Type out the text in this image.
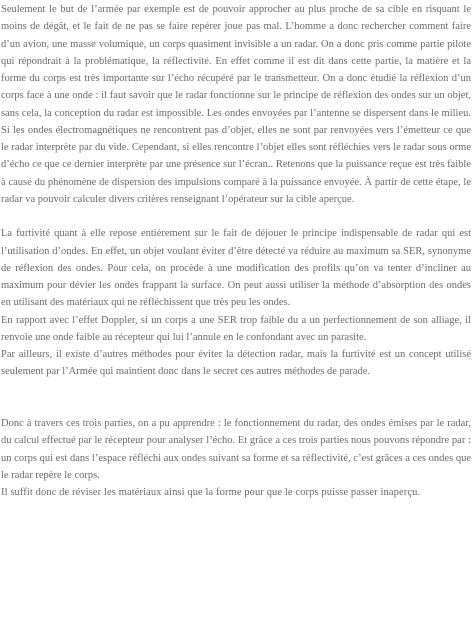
Seulement le but de l’armée par exemple est de pouvoir approcher au plus proche de sa cible en risquant le moins de dégât, et le fait de ne pas se faire repérer joue pas mal. L’homme a donc rechercher comment faire d’un avion, une masse volumique, un corps quasiment invisible a un radar. On a donc pris comme partie pilote qui répondrait à la problématique, la réflectivité. En effet comme il est dit dans cette partie, la matière et la forme du corps est très importante sur l’écho récupéré par le transmetteur. On a donc étudié la réflexion d’un corps face à une onde : il faut savoir que le radar fonctionne sur le principe de réflexion des ondes sur un objet, sans cela, la conception du radar est impossible. Les ondes envoyées par l’antenne se dispersent dans le milieu. Si les ondes électromagnétiques ne rencontrent pas d’objet, elles ne sont par renvoyées vers l’émetteur ce que le radar interprète par du vide. Cependant, si elles rencontre l’objet elles sont réfléchies vers le radar sous orme d’écho ce que ce dernier interprète par une présence sur l’écran.. Retenons que la puissance reçue est très faible à cause du phénomène de dispersion des impulsions comparé à la puissance envoyée. À partir de cette étape, le radar va pouvoir calculer divers critères renseignant l’opérateur sur la cible aperçue.

La furtivité quant à elle repose entièrement sur le fait de déjouer le principe indispensable de radar qui est l’utilisation d’ondes. En effet, un objet voulant éviter d’être détecté va réduire au maximum sa SER, synonyme de réflexion des ondes. Pour cela, on procède à une modification des profils qu’on va tenter d’incliner au maximum pour dévier les ondes frappant la surface. On peut aussi utiliser la méthode d’absorption des ondes en utilisant des matériaux qui ne réfléchissent que très peu les ondes.

En rapport avec l’effet Doppler, si un corps a une SER trop faible du a un perfectionnement de son alliage, il renvoie une onde faible au récepteur qui lui l’annule en le confondant avec un parasite.

Par ailleurs, il existe d’autres méthodes pour éviter la détection radar, mais la furtivité est un concept utilisé seulement par l’Armée qui maintient donc dans le secret ces autres méthodes de parade.

Donc à travers ces trois parties, on a pu apprendre : le fonctionnement du radar, des ondes émises par le radar, du calcul effectué par le récepteur pour analyser l’écho. Et grâce a ces trois parties nous pouvons répondre par : un corps qui est dans l’espace réfléchi aux ondes suivant sa forme et sa réflectivité, c’est grâces a ces ondes que le radar repère le corps.

Il suffit donc de réviser les matériaux ainsi que la forme pour que le corps puisse passer inaperçu.
